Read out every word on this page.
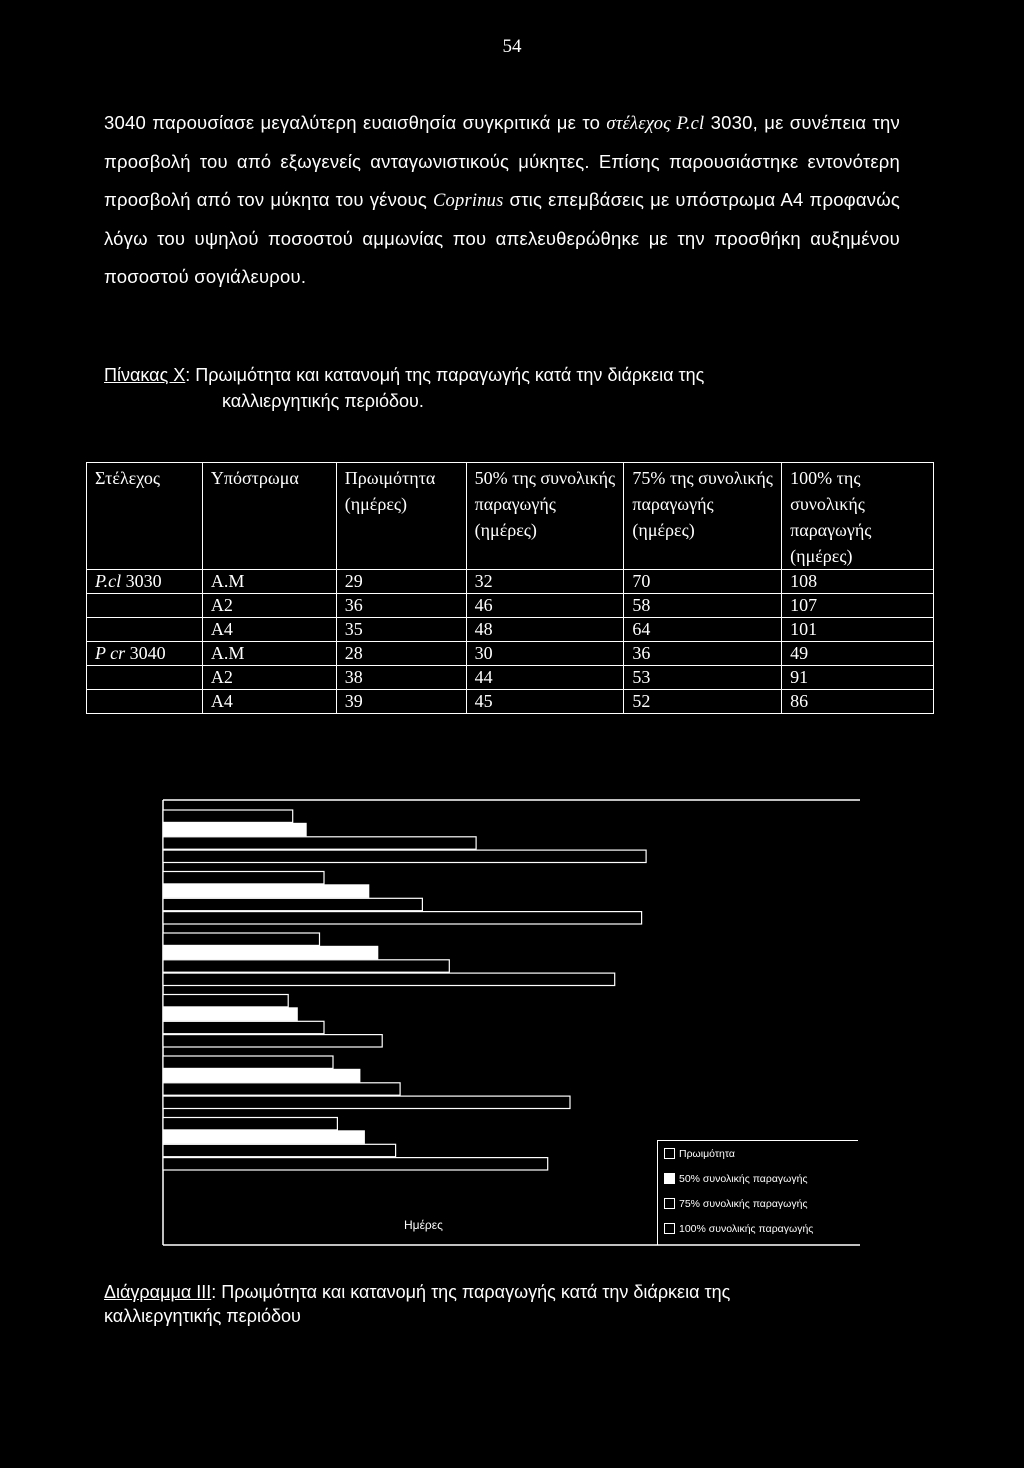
54
3040 παρουσίασε μεγαλύτερη ευαισθησία συγκριτικά με το στέλεχος P.cl 3030, με συνέπεια την προσβολή του από εξωγενείς ανταγωνιστικούς μύκητες. Επίσης παρουσιάστηκε εντονότερη προσβολή από τον μύκητα του γένους Coprinus στις επεμβάσεις με υπόστρωμα Α4 προφανώς λόγω του υψηλού ποσοστού αμμωνίας που απελευθερώθηκε με την προσθήκη αυξημένου ποσοστού σογιάλευρου.
Πίνακας Χ: Πρωιμότητα και κατανομή της παραγωγής κατά την διάρκεια της
καλλιεργητικής περιόδου.
Στέλεχος	Υπόστρωμα	Πρωιμότητα (ημέρες)	50% της συνολικής παραγωγής (ημέρες)	75% της συνολικής παραγωγής (ημέρες)	100% της συνολικής παραγωγής (ημέρες)
P.cl 3030	Α.Μ	29	32	70	108
	Α2	36	46	58	107
	Α4	35	48	64	101
P cr 3040	Α.Μ	28	30	36	49
	Α2	38	44	53	91
	Α4	39	45	52	86
Πρωιμότητα
50% συνολικής παραγωγής
75% συνολικής παραγωγής
100% συνολικής παραγωγής
Ημέρες
Διάγραμμα ΙΙΙ: Πρωιμότητα και κατανομή της παραγωγής κατά την διάρκεια της καλλιεργητικής περιόδου
